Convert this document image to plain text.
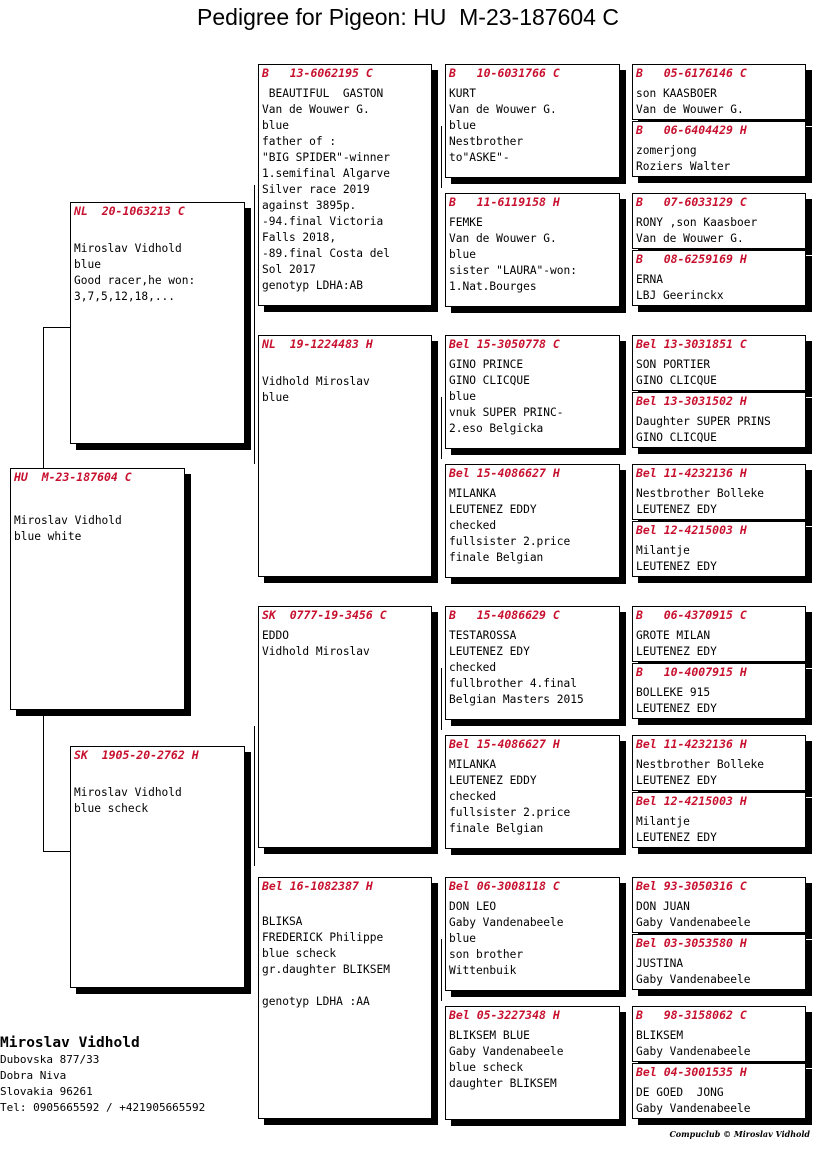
Pedigree for Pigeon: HU  M-23-187604 C
HU  M-23-187604 C
Miroslav Vidhold
blue white
NL  20-1063213 C
Miroslav Vidhold
blue
Good racer,he won:
3,7,5,12,18,...
SK  1905-20-2762 H
Miroslav Vidhold
blue scheck
B   13-6062195 C
BEAUTIFUL  GASTON
Van de Wouwer G.
blue
father of :
"BIG SPIDER"-winner
1.semifinal Algarve
Silver race 2019
against 3895p.
-94.final Victoria
Falls 2018,
-89.final Costa del
Sol 2017
genotyp LDHA:AB
NL  19-1224483 H
Vidhold Miroslav
blue
SK  0777-19-3456 C
EDDO
Vidhold Miroslav
Bel 16-1082387 H
BLIKSA
FREDERICK Philippe
blue scheck
gr.daughter BLIKSEM
genotyp LDHA :AA
B   10-6031766 C
KURT
Van de Wouwer G.
blue
Nestbrother
to"ASKE"-
B   11-6119158 H
FEMKE
Van de Wouwer G.
blue
sister "LAURA"-won:
1.Nat.Bourges
Bel 15-3050778 C
GINO PRINCE
GINO CLICQUE
blue
vnuk SUPER PRINC-
2.eso Belgicka
Bel 15-4086627 H
MILANKA
LEUTENEZ EDDY
checked
fullsister 2.price
finale Belgian
B   15-4086629 C
TESTAROSSA
LEUTENEZ EDY
checked
fullbrother 4.final
Belgian Masters 2015
Bel 15-4086627 H
MILANKA
LEUTENEZ EDDY
checked
fullsister 2.price
finale Belgian
Bel 06-3008118 C
DON LEO
Gaby Vandenabeele
blue
son brother
Wittenbuik
Bel 05-3227348 H
BLIKSEM BLUE
Gaby Vandenabeele
blue scheck
daughter BLIKSEM
B   05-6176146 C
son KAASBOER
Van de Wouwer G.
B   06-6404429 H
zomerjong
Roziers Walter
B   07-6033129 C
RONY ,son Kaasboer
Van de Wouwer G.
B   08-6259169 H
ERNA
LBJ Geerinckx
Bel 13-3031851 C
SON PORTIER
GINO CLICQUE
Bel 13-3031502 H
Daughter SUPER PRINS
GINO CLICQUE
Bel 11-4232136 H
Nestbrother Bolleke
LEUTENEZ EDY
Bel 12-4215003 H
Milantje
LEUTENEZ EDY
B   06-4370915 C
GROTE MILAN
LEUTENEZ EDY
B   10-4007915 H
BOLLEKE 915
LEUTENEZ EDY
Bel 11-4232136 H
Nestbrother Bolleke
LEUTENEZ EDY
Bel 12-4215003 H
Milantje
LEUTENEZ EDY
Bel 93-3050316 C
DON JUAN
Gaby Vandenabeele
Bel 03-3053580 H
JUSTINA
Gaby Vandenabeele
B   98-3158062 C
BLIKSEM
Gaby Vandenabeele
Bel 04-3001535 H
DE GOED  JONG
Gaby Vandenabeele
Miroslav Vidhold
Dubovska 877/33
Dobra Niva
Slovakia 96261
Tel: 0905665592 / +421905665592
Compuclub © Miroslav Vidhold
